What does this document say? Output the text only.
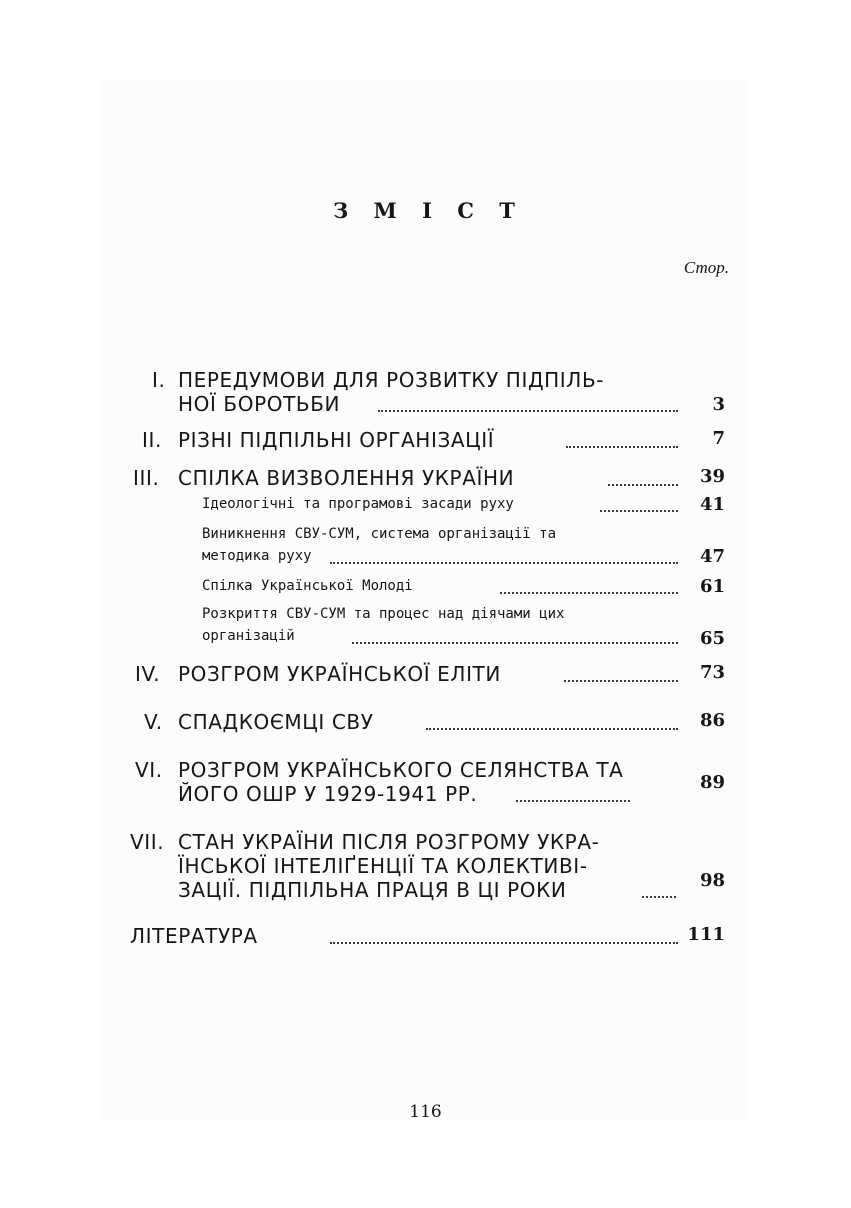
З М І С Т
Стор.
I. ПЕРЕДУМОВИ ДЛЯ РОЗВИТКУ ПІДПІЛЬ-
НОЇ БОРОТЬБИ	3
II. РІЗНІ ПІДПІЛЬНІ ОРГАНІЗАЦІЇ	7
III. СПІЛКА ВИЗВОЛЕННЯ УКРАЇНИ	39
Ідеологічні та програмові засади руху	41
Виникнення СВУ-СУМ, система організації та
методика руху	47
Спілка Української Молоді	61
Розкриття СВУ-СУМ та процес над діячами цих
організацій	65
IV. РОЗГРОМ УКРАЇНСЬКОЇ ЕЛІТИ	73
V. СПАДКОЄМЦІ СВУ	86
VI. РОЗГРОМ УКРАЇНСЬКОГО СЕЛЯНСТВА ТА
ЙОГО ОШР У 1929-1941 РР.	89
VII. СТАН УКРАЇНИ ПІСЛЯ РОЗГРОМУ УКРА-
ЇНСЬКОЇ ІНТЕЛІҐЕНЦІЇ ТА КОЛЕКТИВІ-
ЗАЦІЇ. ПІДПІЛЬНА ПРАЦЯ В ЦІ РОКИ	98
ЛІТЕРАТУРА	111
116
